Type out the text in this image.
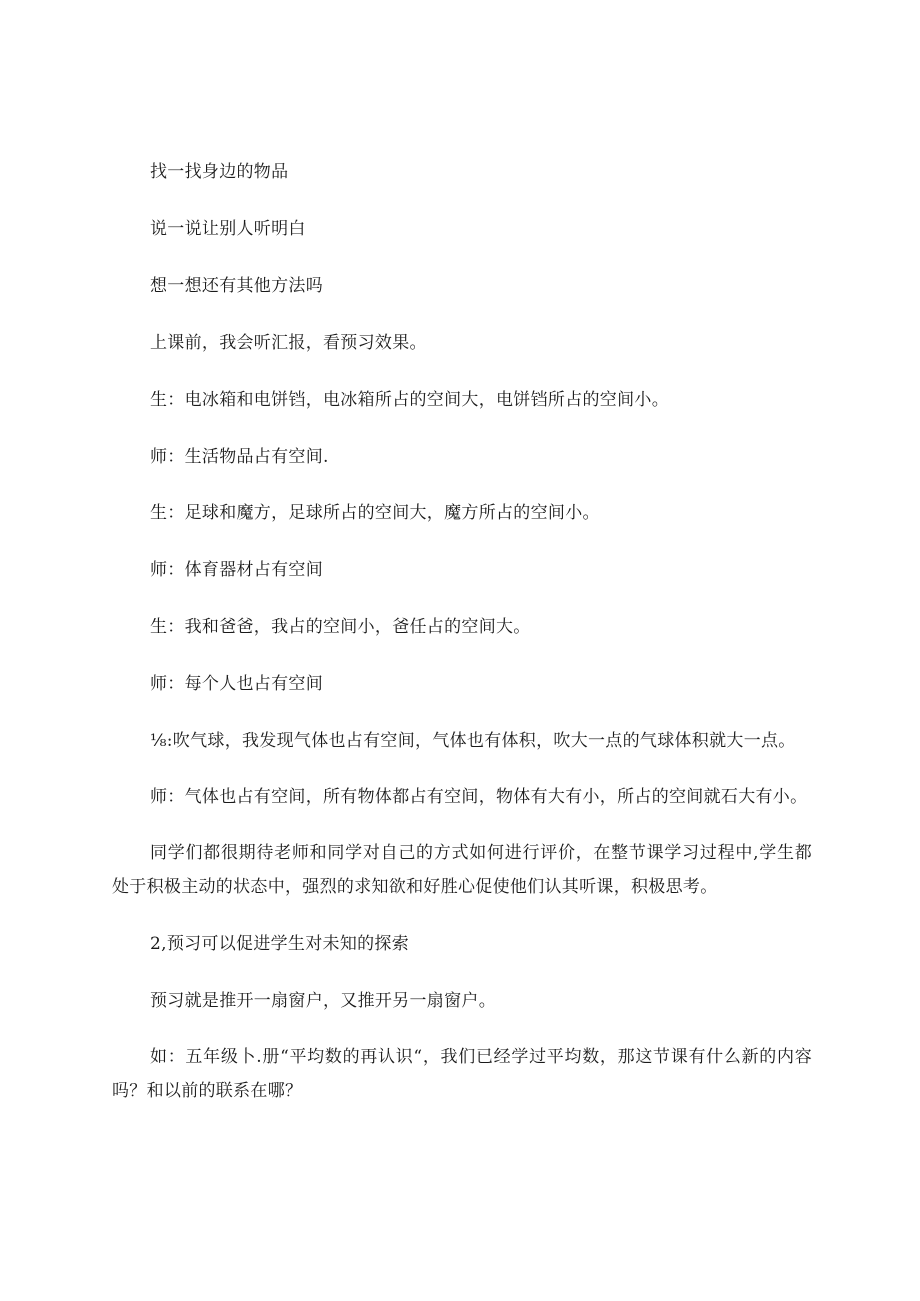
找一找身边的物品

说一说让别人听明白

想一想还有其他方法吗

上课前，我会听汇报，看预习效果。

生：电冰箱和电饼铛，电冰箱所占的空间大，电饼铛所占的空间小。

师：生活物品占有空间.

生：足球和魔方，足球所占的空间大，魔方所占的空间小。

师：体育器材占有空间

生：我和爸爸，我占的空间小，爸任占的空间大。

师：每个人也占有空间

⅛:吹气球，我发现气体也占有空间，气体也有体积，吹大一点的气球体积就大一点。

师：气体也占有空间，所有物体都占有空间，物体有大有小，所占的空间就石大有小。

同学们都很期待老师和同学对自己的方式如何进行评价，在整节课学习过程中,学生都处于积极主动的状态中，强烈的求知欲和好胜心促使他们认其听课，积极思考。

2,预习可以促进学生对未知的探索

预习就是推开一扇窗户，又推开另一扇窗户。

如：五年级卜.册“平均数的再认识“，我们已经学过平均数，那这节课有什么新的内容吗？和以前的联系在哪？
